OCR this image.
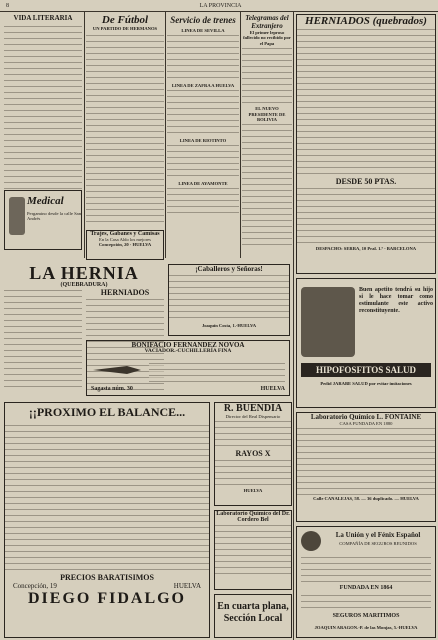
8	LA PROVINCIA
VIDA LITERARIA
Medical
Pergamino desde la calle San Andrés
De Fútbol
UN PARTIDO DE HERMANOS
Trajes, Gabanes y Camisas
En la Casa Aldo los mejores
Concepción, 20 · HUELVA
Servicio de trenes
LINEA DE SEVILLA
LINEA DE ZAFRA A HUELVA
LINEA DE RIOTINTO
LINEA DE AYAMONTE
Telegramas del Extranjero
El primer leproso fallecido no recibido por el Papa
EL NUEVO PRESIDENTE DE BOLIVIA
HERNIADOS (quebrados)
DESDE 50 PTAS.
DESPACHO: SERRA, 10 Pral. 1.ª - BARCELONA
Buen apetito tendrá su hijo si le hace tomar como estimulante este activo reconstituyente.
HIPOFOSFITOS SALUD
Pedid JARABE SALUD por evitar imitaciones
Laboratorio Químico L. FONTAINE
CASA FUNDADA EN 1880
Calle CANALEJAS, 58. — 36 duplicado. — HUELVA
La Unión y el Fénix Español
COMPAÑÍA DE SEGUROS REUNIDOS
FUNDADA EN 1864
SEGUROS MARITIMOS
JOAQUIN ARAGON.-P. de las Monjas, 5.-HUELVA
LA HERNIA
(QUEBRADURA)
HERNIADOS
¡Caballeros y Señoras!
Joaquín Costa, 1.-HUELVA
BONIFACIO FERNANDEZ NOVOA
VACIADOR.-CUCHILLERÍA FINA
Sagasta núm. 30	HUELVA
¡¡PROXIMO EL BALANCE...
PRECIOS BARATISIMOS
Concepción, 19	HUELVA
DIEGO FIDALGO
R. BUENDIA
Director del Real Dispensario
RAYOS X
HUELVA
Laboratorio Químico del Dr. Cordero Bel
En cuarta plana, Sección Local
